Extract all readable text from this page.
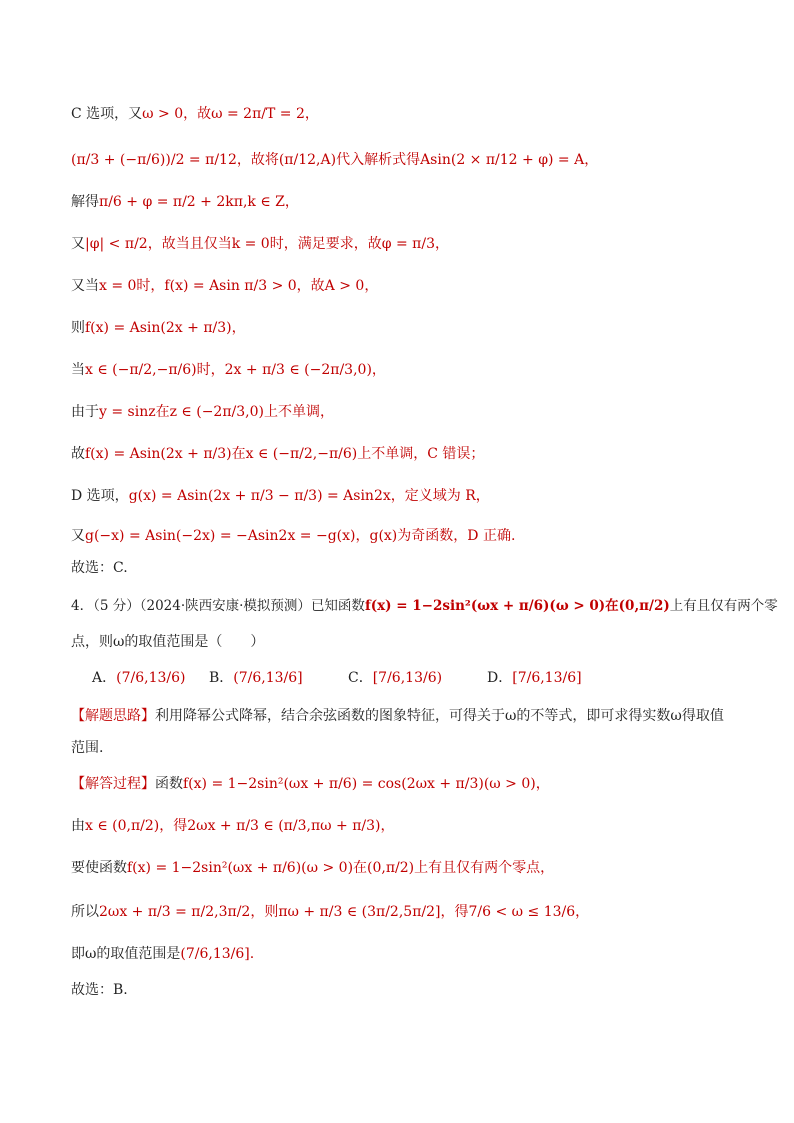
C 选项，又ω > 0，故ω = 2π/T = 2，
(π/3 + (−π/6))/2 = π/12，故将(π/12,A)代入解析式得Asin(2 × π/12 + φ) = A，
解得π/6 + φ = π/2 + 2kπ,k ∈ Z，
又|φ| < π/2，故当且仅当k = 0时，满足要求，故φ = π/3，
又当x = 0时，f(x) = Asin π/3 > 0，故A > 0，
则f(x) = Asin(2x + π/3)，
当x ∈ (−π/2,−π/6)时，2x + π/3 ∈ (−2π/3,0)，
由于y = sinz在z ∈ (−2π/3,0)上不单调，
故f(x) = Asin(2x + π/3)在x ∈ (−π/2,−π/6)上不单调，C 错误；
D 选项，g(x) = Asin(2x + π/3 − π/3) = Asin2x，定义域为 R，
又g(−x) = Asin(−2x) = −Asin2x = −g(x)，g(x)为奇函数，D 正确.
故选：C.
4．（5 分）（2024·陕西安康·模拟预测）已知函数f(x) = 1−2sin²(ωx + π/6)(ω > 0)在(0,π/2)上有且仅有两个零
点，则ω的取值范围是（　　）
A．(7/6,13/6) B．(7/6,13/6]	C．[7/6,13/6)	D．[7/6,13/6]
【解题思路】利用降幂公式降幂，结合余弦函数的图象特征，可得关于ω的不等式，即可求得实数ω得取值
范围.
【解答过程】函数f(x) = 1−2sin²(ωx + π/6) = cos(2ωx + π/3)(ω > 0)，
由x ∈ (0,π/2)，得2ωx + π/3 ∈ (π/3,πω + π/3)，
要使函数f(x) = 1−2sin²(ωx + π/6)(ω > 0)在(0,π/2)上有且仅有两个零点，
所以2ωx + π/3 = π/2,3π/2，则πω + π/3 ∈ (3π/2,5π/2]，得7/6 < ω ≤ 13/6，
即ω的取值范围是(7/6,13/6].
故选：B.
